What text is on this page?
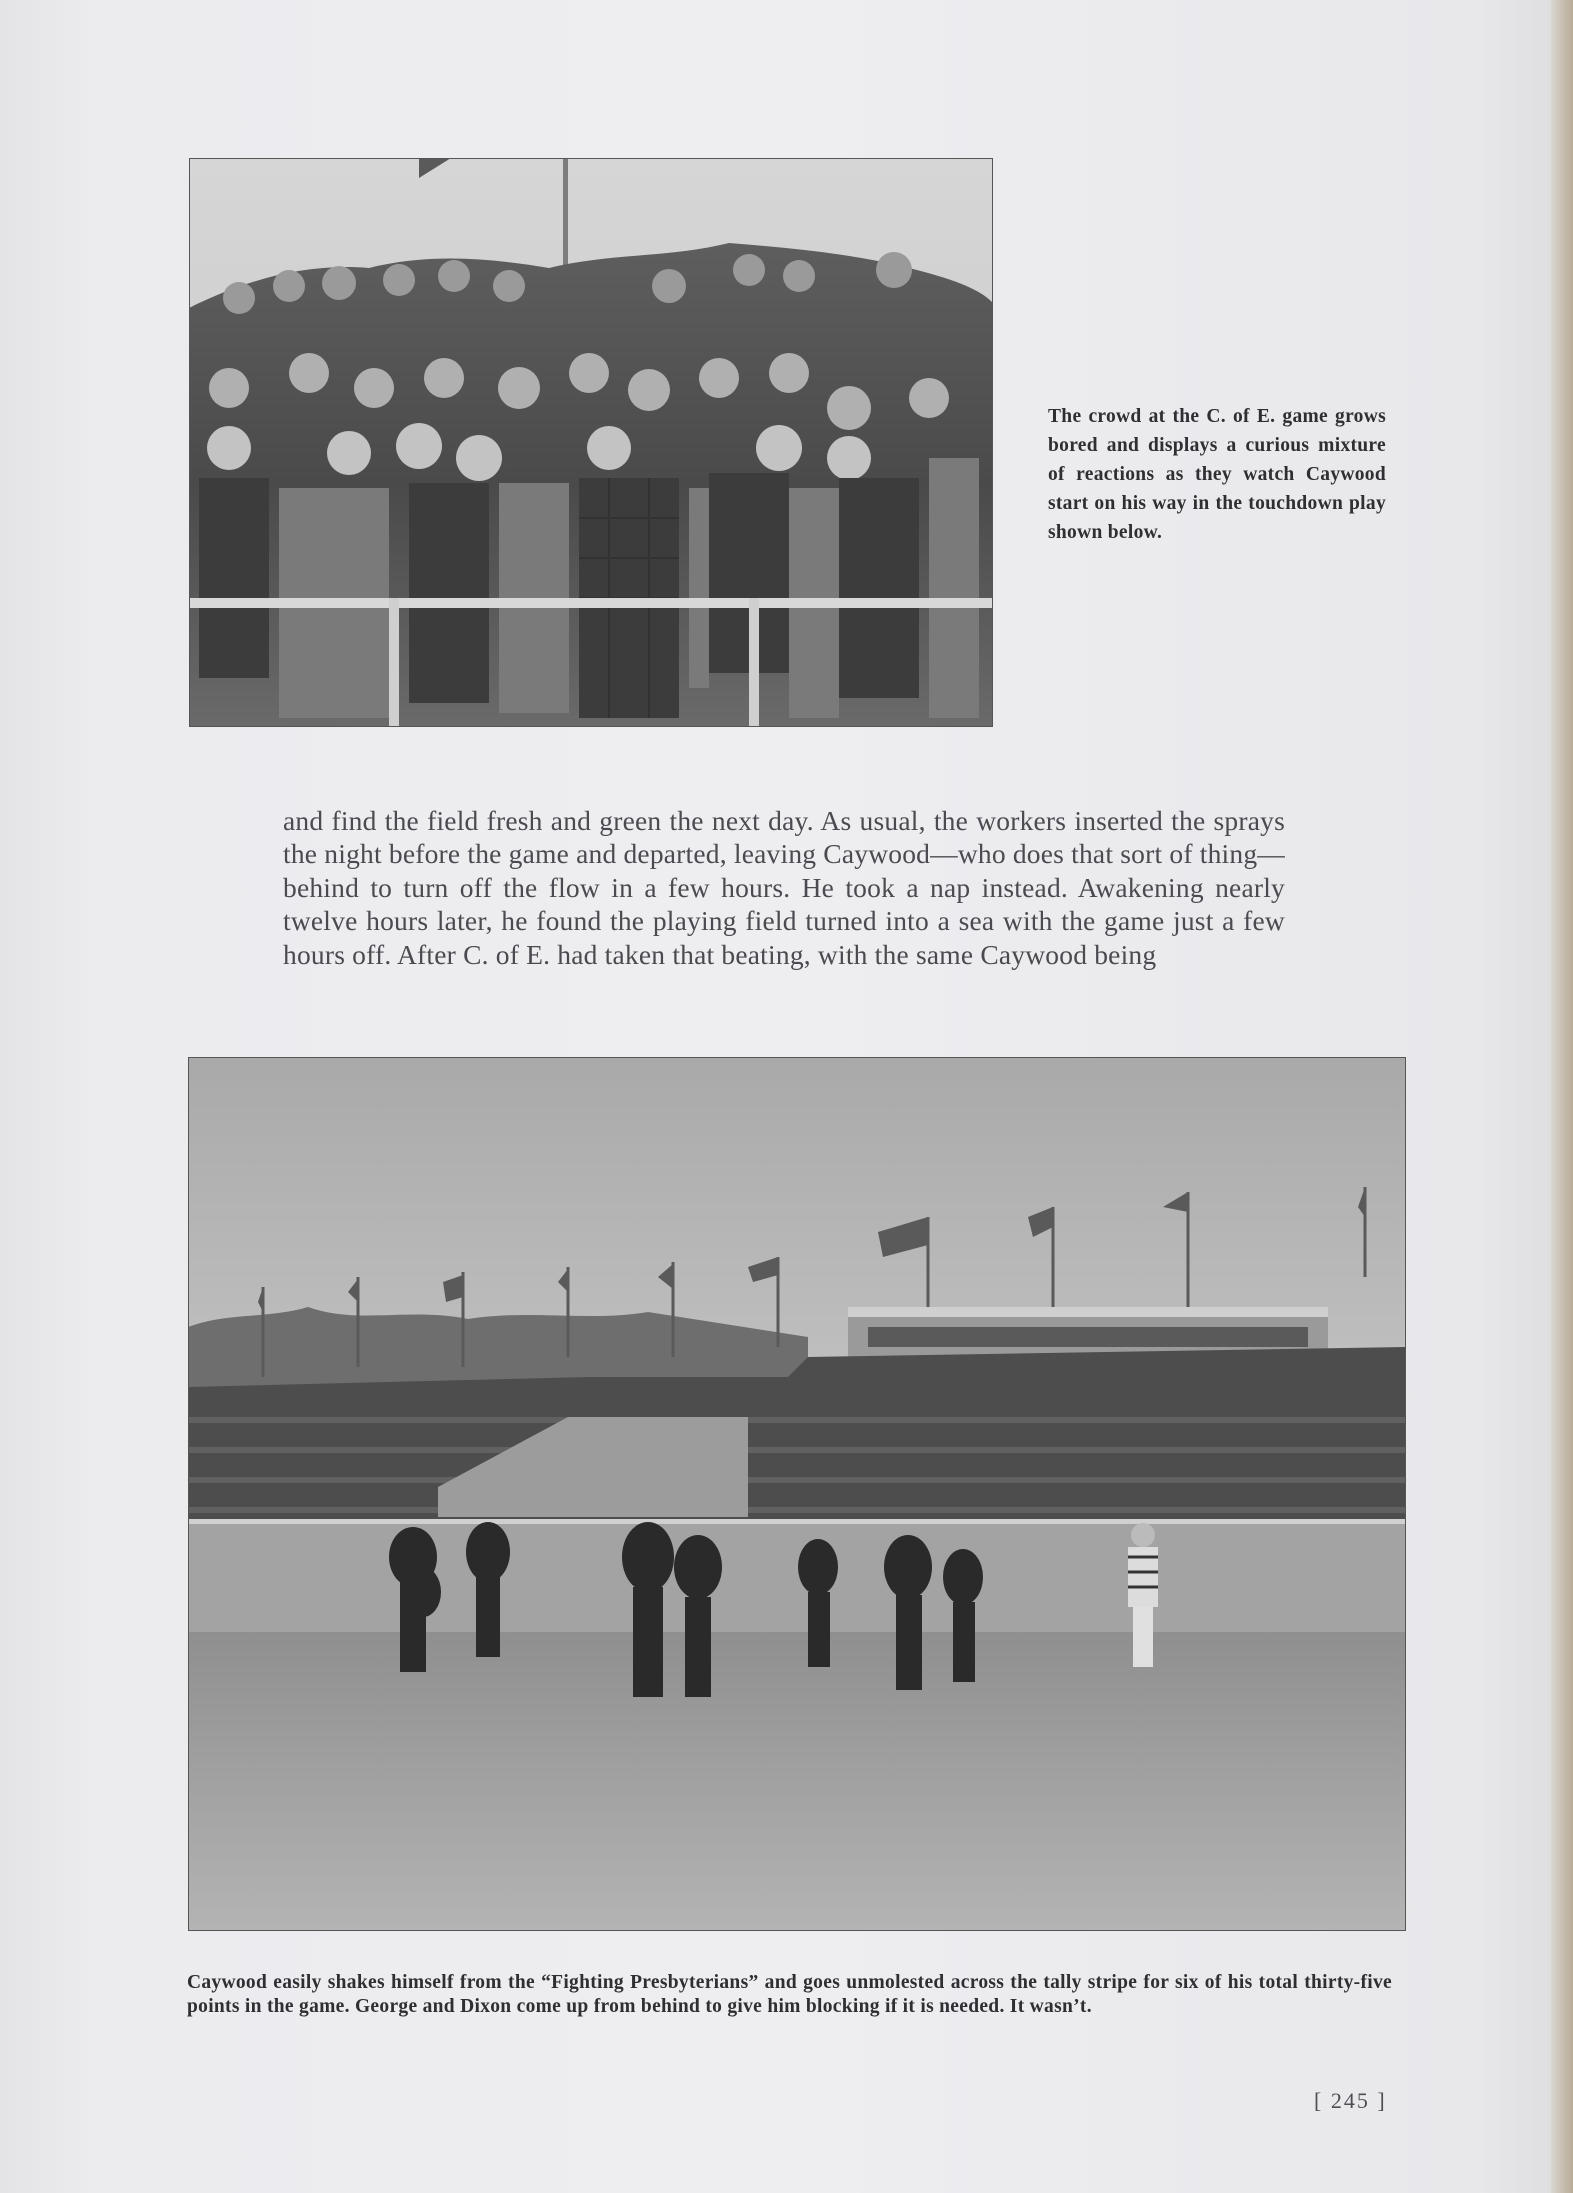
The crowd at the C. of E. game grows bored and displays a curious mixture of reactions as they watch Caywood start on his way in the touchdown play shown below.

and find the field fresh and green the next day. As usual, the workers inserted the sprays the night before the game and departed, leaving Caywood—who does that sort of thing—behind to turn off the flow in a few hours. He took a nap instead. Awakening nearly twelve hours later, he found the playing field turned into a sea with the game just a few hours off. After C. of E. had taken that beating, with the same Caywood being

Caywood easily shakes himself from the “Fighting Presbyterians” and goes unmolested across the tally stripe for six of his total thirty-five points in the game. George and Dixon come up from behind to give him blocking if it is needed. It wasn’t.

[ 245 ]
